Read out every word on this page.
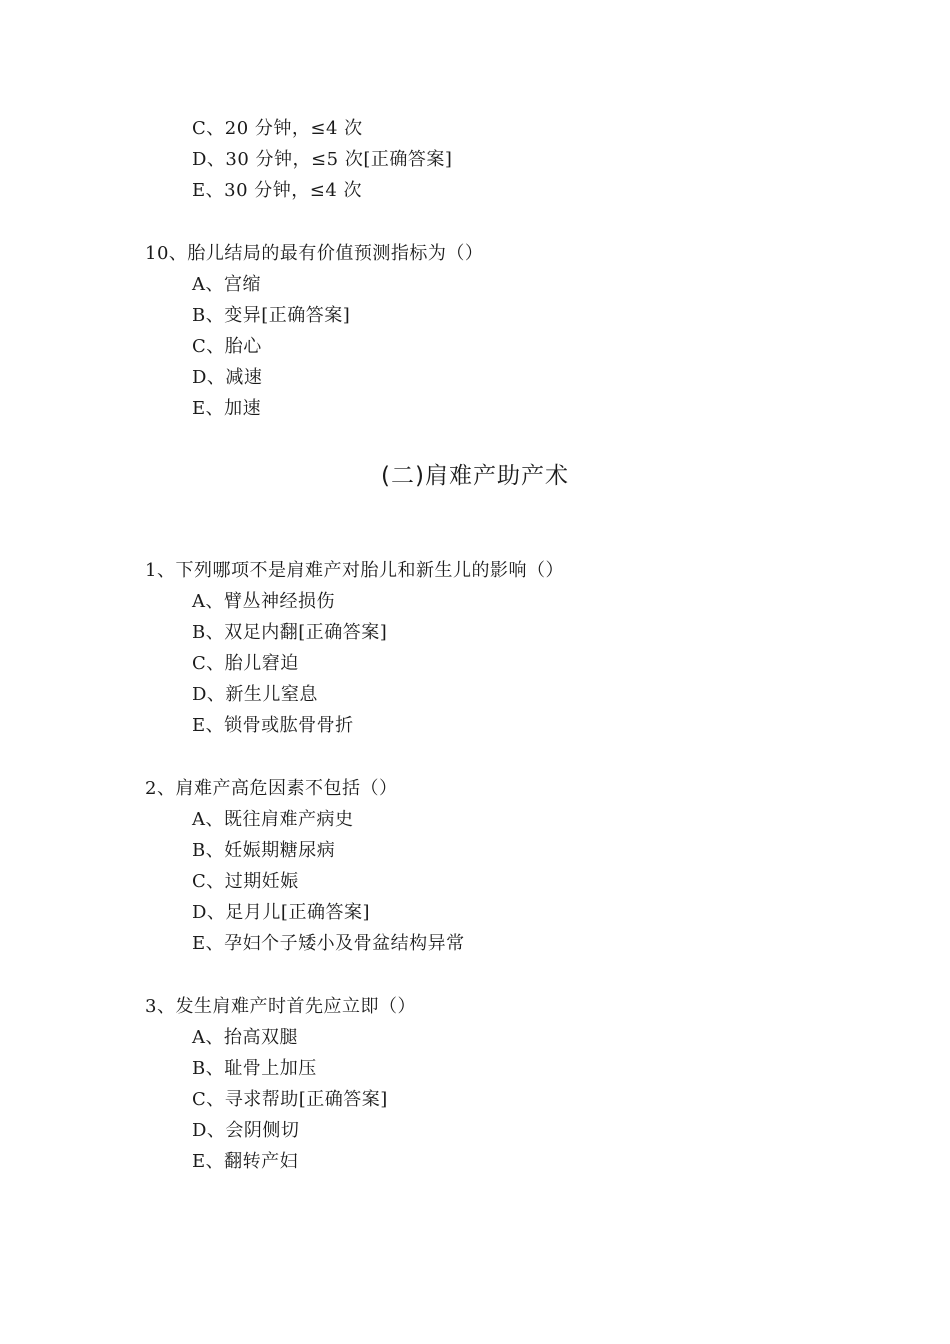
C、20 分钟，≤4 次
D、30 分钟，≤5 次[正确答案]
E、30 分钟，≤4 次
10、胎儿结局的最有价值预测指标为（）
A、宫缩
B、变异[正确答案]
C、胎心
D、减速
E、加速
(二)肩难产助产术
1、下列哪项不是肩难产对胎儿和新生儿的影响（）
A、臂丛神经损伤
B、双足内翻[正确答案]
C、胎儿窘迫
D、新生儿窒息
E、锁骨或肱骨骨折
2、肩难产高危因素不包括（）
A、既往肩难产病史
B、妊娠期糖尿病
C、过期妊娠
D、足月儿[正确答案]
E、孕妇个子矮小及骨盆结构异常
3、发生肩难产时首先应立即（）
A、抬高双腿
B、耻骨上加压
C、寻求帮助[正确答案]
D、会阴侧切
E、翻转产妇
